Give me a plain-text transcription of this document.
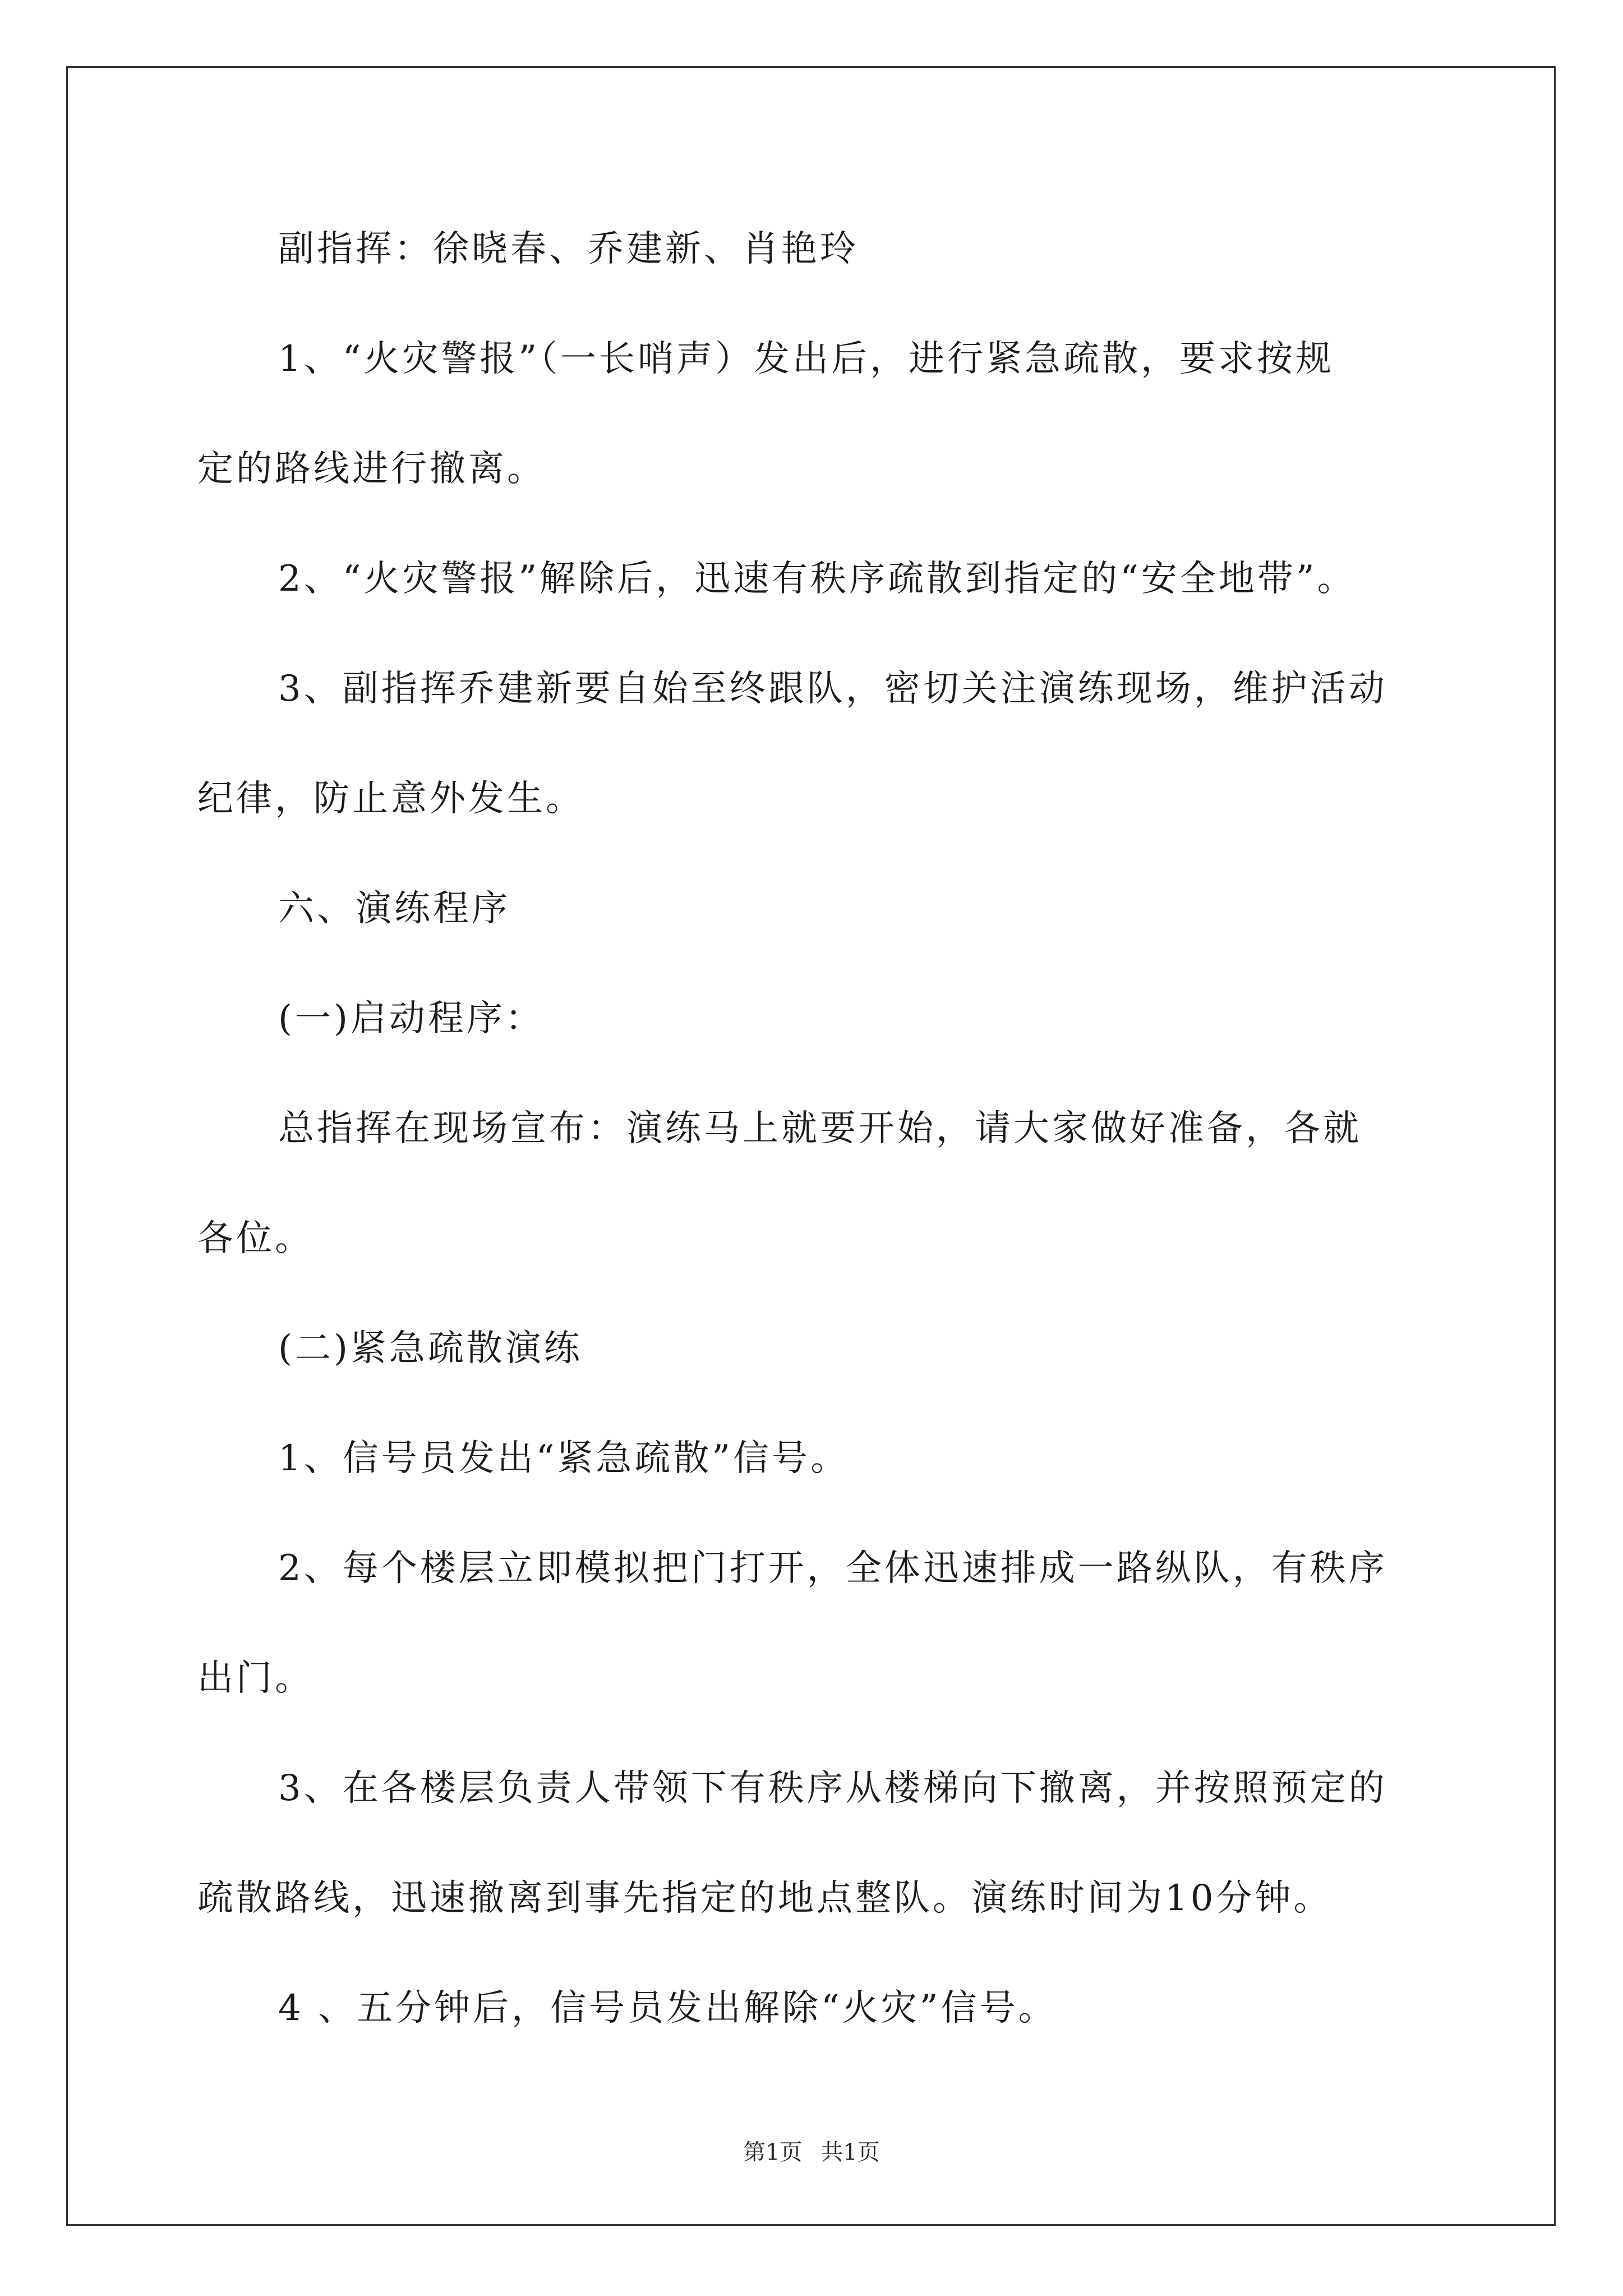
副指挥：徐晓春、乔建新、肖艳玲
1、“火灾警报”（一长哨声）发出后，进行紧急疏散，要求按规
定的路线进行撤离。
2、“火灾警报”解除后，迅速有秩序疏散到指定的“安全地带”。
3、副指挥乔建新要自始至终跟队，密切关注演练现场，维护活动
纪律，防止意外发生。
六、演练程序
(一)启动程序：
总指挥在现场宣布：演练马上就要开始，请大家做好准备，各就
各位。
(二)紧急疏散演练
1、信号员发出“紧急疏散”信号。
2、每个楼层立即模拟把门打开，全体迅速排成一路纵队，有秩序
出门。
3、在各楼层负责人带领下有秩序从楼梯向下撤离，并按照预定的
疏散路线，迅速撤离到事先指定的地点整队。演练时间为10分钟。
4 、五分钟后，信号员发出解除“火灾”信号。
第1页 共1页
